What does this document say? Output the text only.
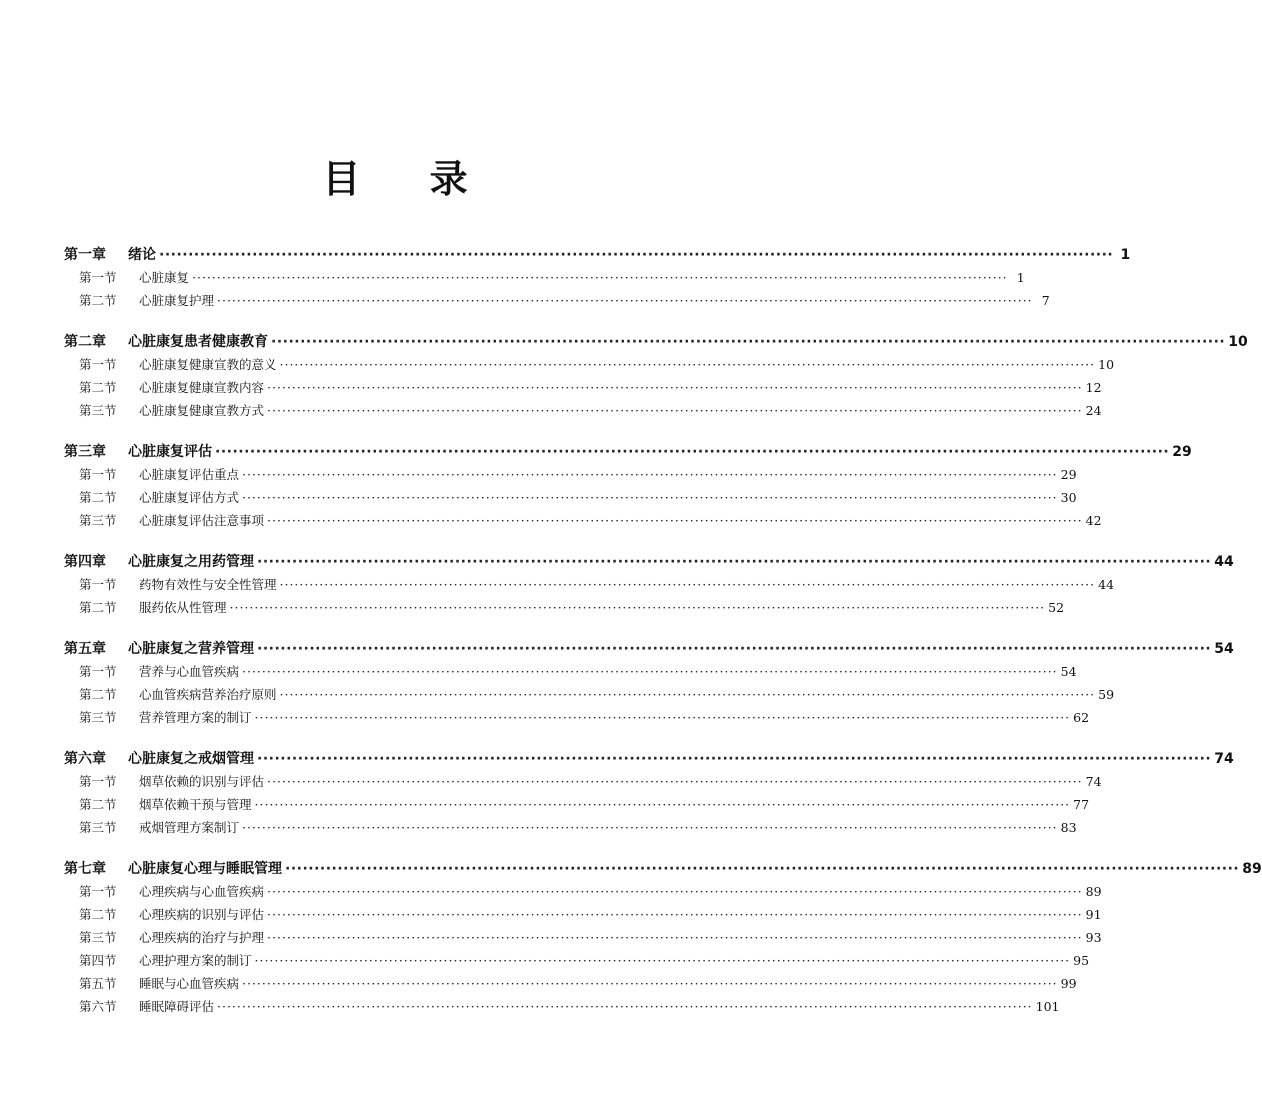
目 录
第一章	绪论 ···································································································································································· 1
第一节	心脏康复 ···································································································································································· 1
第二节	心脏康复护理 ···································································································································································· 7
第二章	心脏康复患者健康教育 ···································································································································································· 10
第一节	心脏康复健康宣教的意义 ···································································································································································· 10
第二节	心脏康复健康宣教内容 ···································································································································································· 12
第三节	心脏康复健康宣教方式 ···································································································································································· 24
第三章	心脏康复评估 ···································································································································································· 29
第一节	心脏康复评估重点 ···································································································································································· 29
第二节	心脏康复评估方式 ···································································································································································· 30
第三节	心脏康复评估注意事项 ···································································································································································· 42
第四章	心脏康复之用药管理 ···································································································································································· 44
第一节	药物有效性与安全性管理 ···································································································································································· 44
第二节	服药依从性管理 ···································································································································································· 52
第五章	心脏康复之营养管理 ···································································································································································· 54
第一节	营养与心血管疾病 ···································································································································································· 54
第二节	心血管疾病营养治疗原则 ···································································································································································· 59
第三节	营养管理方案的制订 ···································································································································································· 62
第六章	心脏康复之戒烟管理 ···································································································································································· 74
第一节	烟草依赖的识别与评估 ···································································································································································· 74
第二节	烟草依赖干预与管理 ···································································································································································· 77
第三节	戒烟管理方案制订 ···································································································································································· 83
第七章	心脏康复心理与睡眠管理 ···································································································································································· 89
第一节	心理疾病与心血管疾病 ···································································································································································· 89
第二节	心理疾病的识别与评估 ···································································································································································· 91
第三节	心理疾病的治疗与护理 ···································································································································································· 93
第四节	心理护理方案的制订 ···································································································································································· 95
第五节	睡眠与心血管疾病 ···································································································································································· 99
第六节	睡眠障碍评估 ···································································································································································· 101
